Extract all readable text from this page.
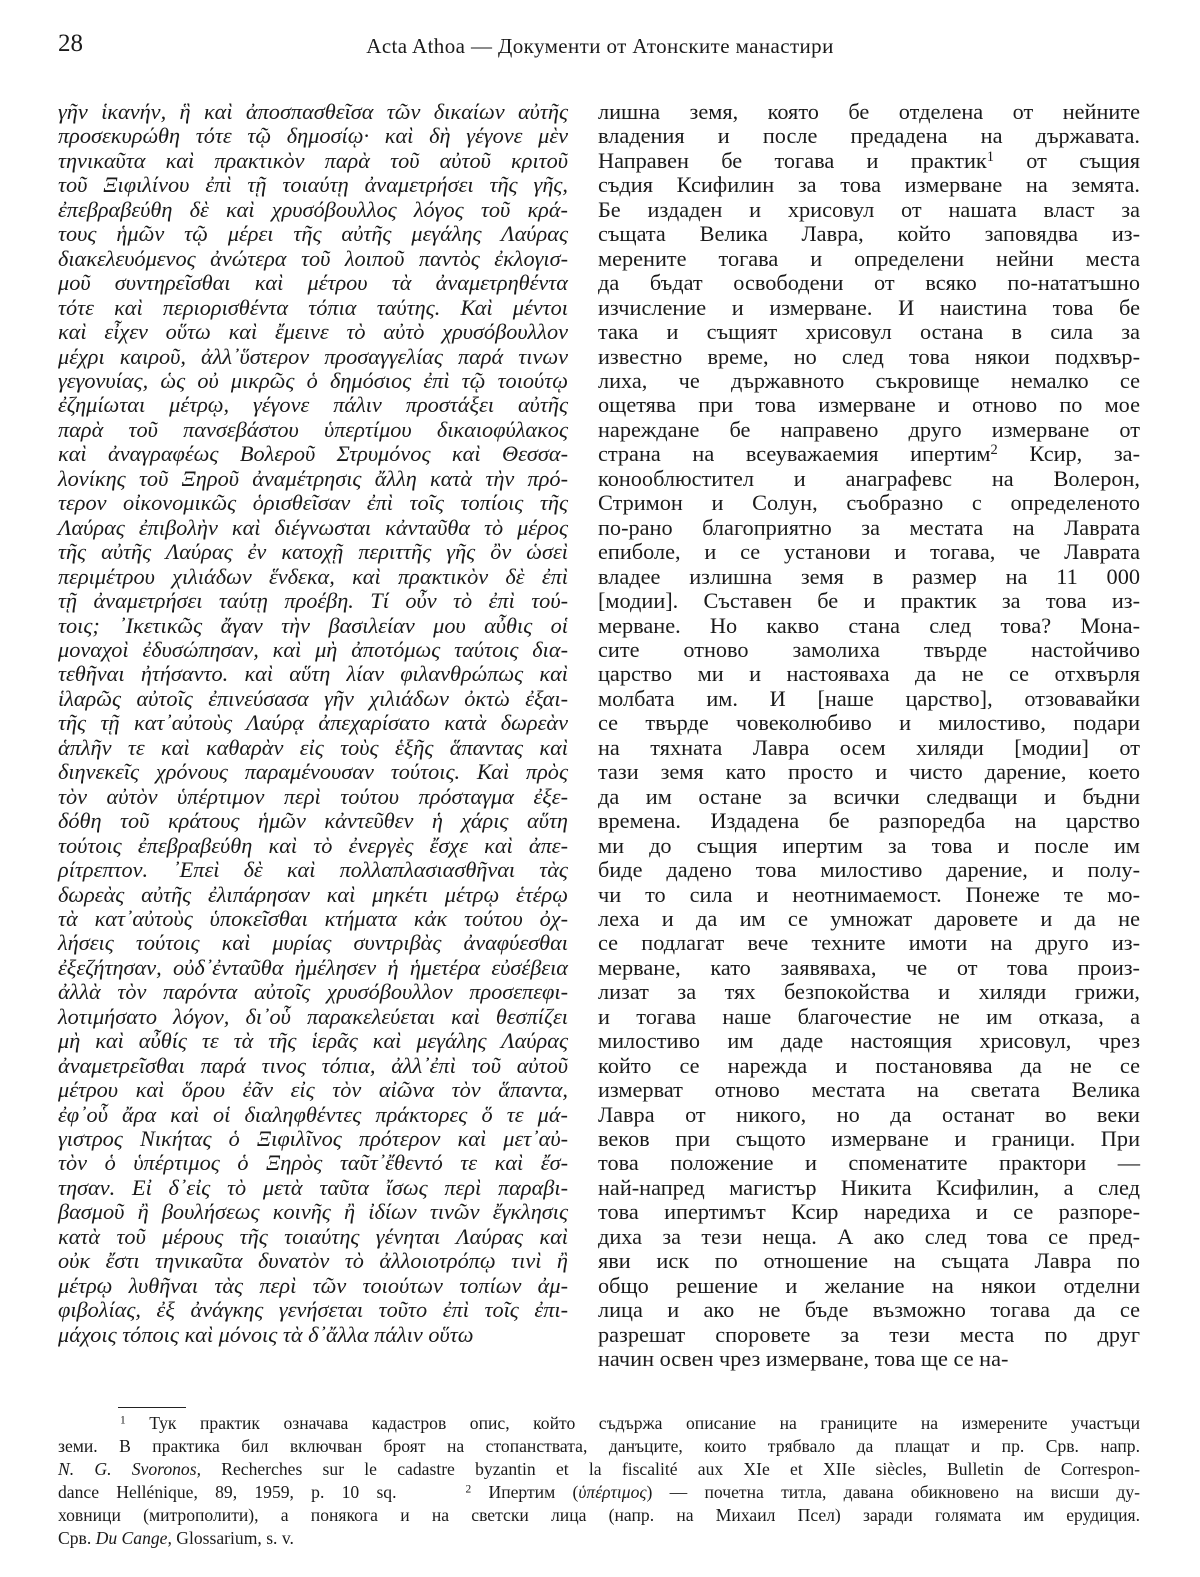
28	Acta Athoa — Документи от Атонските манастири
γῆν ἱκανήν, ἣ καὶ ἀποσπασθεῖσα τῶν δικαίων αὐτῆς
προσεκυρώθη τότε τῷ δημοσίῳ· καὶ δὴ γέγονε μὲν
τηνικαῦτα καὶ πρακτικὸν παρὰ τοῦ αὐτοῦ κριτοῦ
τοῦ Ξιφιλίνου ἐπὶ τῇ τοιαύτῃ ἀναμετρήσει τῆς γῆς,
ἐπεβραβεύθη δὲ καὶ χρυσόβουλλος λόγος τοῦ κρά-
τους ἡμῶν τῷ μέρει τῆς αὐτῆς μεγάλης Λαύρας
διακελευόμενος ἀνώτερα τοῦ λοιποῦ παντὸς ἐκλογισ-
μοῦ συντηρεῖσθαι καὶ μέτρου τὰ ἀναμετρηθέντα
τότε καὶ περιορισθέντα τόπια ταύτης. Καὶ μέντοι
καὶ εἶχεν οὕτω καὶ ἔμεινε τὸ αὐτὸ χρυσόβουλλον
μέχρι καιροῦ, ἀλλ᾽ὕστερον προσαγγελίας παρά τινων
γεγονυίας, ὡς οὐ μικρῶς ὁ δημόσιος ἐπὶ τῷ τοιούτῳ
ἐζημίωται μέτρῳ, γέγονε πάλιν προστάξει αὐτῆς
παρὰ τοῦ πανσεβάστου ὑπερτίμου δικαιοφύλακος
καὶ ἀναγραφέως Βολεροῦ Στρυμόνος καὶ Θεσσα-
λονίκης τοῦ Ξηροῦ ἀναμέτρησις ἄλλη κατὰ τὴν πρό-
τερον οἰκονομικῶς ὁρισθεῖσαν ἐπὶ τοῖς τοπίοις τῆς
Λαύρας ἐπιβολὴν καὶ διέγνωσται κἀνταῦθα τὸ μέρος
τῆς αὐτῆς Λαύρας ἐν κατοχῇ περιττῆς γῆς ὂν ὡσεὶ
περιμέτρου χιλιάδων ἕνδεκα, καὶ πρακτικὸν δὲ ἐπὶ
τῇ ἀναμετρήσει ταύτῃ προέβη. Τί οὖν τὸ ἐπὶ τού-
τοις; ᾽Ικετικῶς ἄγαν τὴν βασιλείαν μου αὖθις οἱ
μοναχοὶ ἐδυσώπησαν, καὶ μὴ ἀποτόμως ταύτοις δια-
τεθῆναι ἠτήσαντο. καὶ αὕτη λίαν φιλανθρώπως καὶ
ἱλαρῶς αὐτοῖς ἐπινεύσασα γῆν χιλιάδων ὀκτὼ ἐξαι-
τῆς τῇ κατ᾽αὐτοὺς Λαύρᾳ ἀπεχαρίσατο κατὰ δωρεὰν
ἁπλῆν τε καὶ καθαρὰν εἰς τοὺς ἑξῆς ἅπαντας καὶ
διηνεκεῖς χρόνους παραμένουσαν τούτοις. Καὶ πρὸς
τὸν αὐτὸν ὑπέρτιμον περὶ τούτου πρόσταγμα ἐξε-
δόθη τοῦ κράτους ἡμῶν κἀντεῦθεν ἡ χάρις αὕτη
τούτοις ἐπεβραβεύθη καὶ τὸ ἐνεργὲς ἔσχε καὶ ἀπε-
ρίτρεπτον. ᾽Επεὶ δὲ καὶ πολλαπλασιασθῆναι τὰς
δωρεὰς αὐτῆς ἐλιπάρησαν καὶ μηκέτι μέτρῳ ἑτέρῳ
τὰ κατ᾽αὐτοὺς ὑποκεῖσθαι κτήματα κἀκ τούτου ὀχ-
λήσεις τούτοις καὶ μυρίας συντριβὰς ἀναφύεσθαι
ἐξεζήτησαν, οὐδ᾽ἐνταῦθα ἠμέλησεν ἡ ἡμετέρα εὐσέβεια
ἀλλὰ τὸν παρόντα αὐτοῖς χρυσόβουλλον προσεπεφι-
λοτιμήσατο λόγον, δι᾽οὗ παρακελεύεται καὶ θεσπίζει
μὴ καὶ αὖθίς τε τὰ τῆς ἱερᾶς καὶ μεγάλης Λαύρας
ἀναμετρεῖσθαι παρά τινος τόπια, ἀλλ᾽ἐπὶ τοῦ αὐτοῦ
μέτρου καὶ ὅρου ἐᾶν εἰς τὸν αἰῶνα τὸν ἅπαντα,
ἐφ᾽οὗ ἄρα καὶ οἱ διαληφθέντες πράκτορες ὅ τε μά-
γιστρος Νικήτας ὁ Ξιφιλῖνος πρότερον καὶ μετ᾽αὐ-
τὸν ὁ ὑπέρτιμος ὁ Ξηρὸς ταῦτ᾽ἔθεντό τε καὶ ἔσ-
τησαν. Εἰ δ᾽εἰς τὸ μετὰ ταῦτα ἴσως περὶ παραβι-
βασμοῦ ἢ βουλήσεως κοινῆς ἢ ἰδίων τινῶν ἔγκλησις
κατὰ τοῦ μέρους τῆς τοιαύτης γένηται Λαύρας καὶ
οὐκ ἔστι τηνικαῦτα δυνατὸν τὸ ἀλλοιοτρόπῳ τινὶ ἢ
μέτρῳ λυθῆναι τὰς περὶ τῶν τοιούτων τοπίων ἀμ-
φιβολίας, ἐξ ἀνάγκης γενήσεται τοῦτο ἐπὶ τοῖς ἐπι-
μάχοις τόποις καὶ μόνοις τὰ δ᾽ἄλλα πάλιν οὕτω
лишна земя, която бе отделена от нейните
владения и после предадена на държавата.
Направен бе тогава и практик$^1$ от същия
съдия Ксифилин за това измерване на земята.
Бе издаден и хрисовул от нашата власт за
същата Велика Лавра, който заповядва из-
мерените тогава и определени нейни места
да бъдат освободени от всяко по-нататъшно
изчисление и измерване. И наистина това бе
така и същият хрисовул остана в сила за
известно време, но след това някои подхвър-
лиха, че държавното съкровище немалко се
ощетява при това измерване и отново по мое
нареждане бе направено друго измерване от
страна на всеуважаемия ипертим$^2$ Ксир, за-
конооблюстител и анаграфевс на Волерон,
Стримон и Солун, съобразно с определеното
по-рано благоприятно за местата на Лаврата
епиболе, и се установи и тогава, че Лаврата
владее излишна земя в размер на 11 000
[модии]. Съставен бе и практик за това из-
мерване. Но какво стана след това? Мона-
сите отново замолиха твърде настойчиво
царство ми и настояваха да не се отхвърля
молбата им. И [наше царство], отзовавайки
се твърде човеколюбиво и милостиво, подари
на тяхната Лавра осем хиляди [модии] от
тази земя като просто и чисто дарение, което
да им остане за всички следващи и бъдни
времена. Издадена бе разпоредба на царство
ми до същия ипертим за това и после им
биде дадено това милостиво дарение, и полу-
чи то сила и неотнимаемост. Понеже те мо-
леха и да им се умножат даровете и да не
се подлагат вече техните имоти на друго из-
мерване, като заявяваха, че от това произ-
лизат за тях безпокойства и хиляди грижи,
и тогава наше благочестие не им отказа, а
милостиво им даде настоящия хрисовул, чрез
който се нарежда и постановява да не се
измерват отново местата на светата Велика
Лавра от никого, но да останат во веки
веков при същото измерване и граници. При
това положение и споменатите практори —
най-напред магистър Никита Ксифилин, а след
това ипертимът Ксир наредиха и се разпоре-
диха за тези неща. А ако след това се пред-
яви иск по отношение на същата Лавра по
общо решение и желание на някои отделни
лица и ако не бъде възможно тогава да се
разрешат споровете за тези места по друг
начин освен чрез измерване, това ще се на-
$^1$ Тук практик означава кадастров опис, който съдържа описание на границите на измерените участъци
земи. В практика бил включван броят на стопанствата, данъците, които трябвало да плащат и пр. Срв. напр.
N. G. Svoronos, Recherches sur le cadastre byzantin et la fiscalité aux XIe et XIIe siècles, Bulletin de Correspon-
dance Hellénique, 89, 1959, p. 10 sq.	$^2$ Ипертим (ὑπέρτιμος) — почетна титла, давана обикновено на висши ду-
ховници (митрополити), а понякога и на светски лица (напр. на Михаил Псел) заради голямата им ерудиция.
Срв. Du Cange, Glossarium, s. v.
